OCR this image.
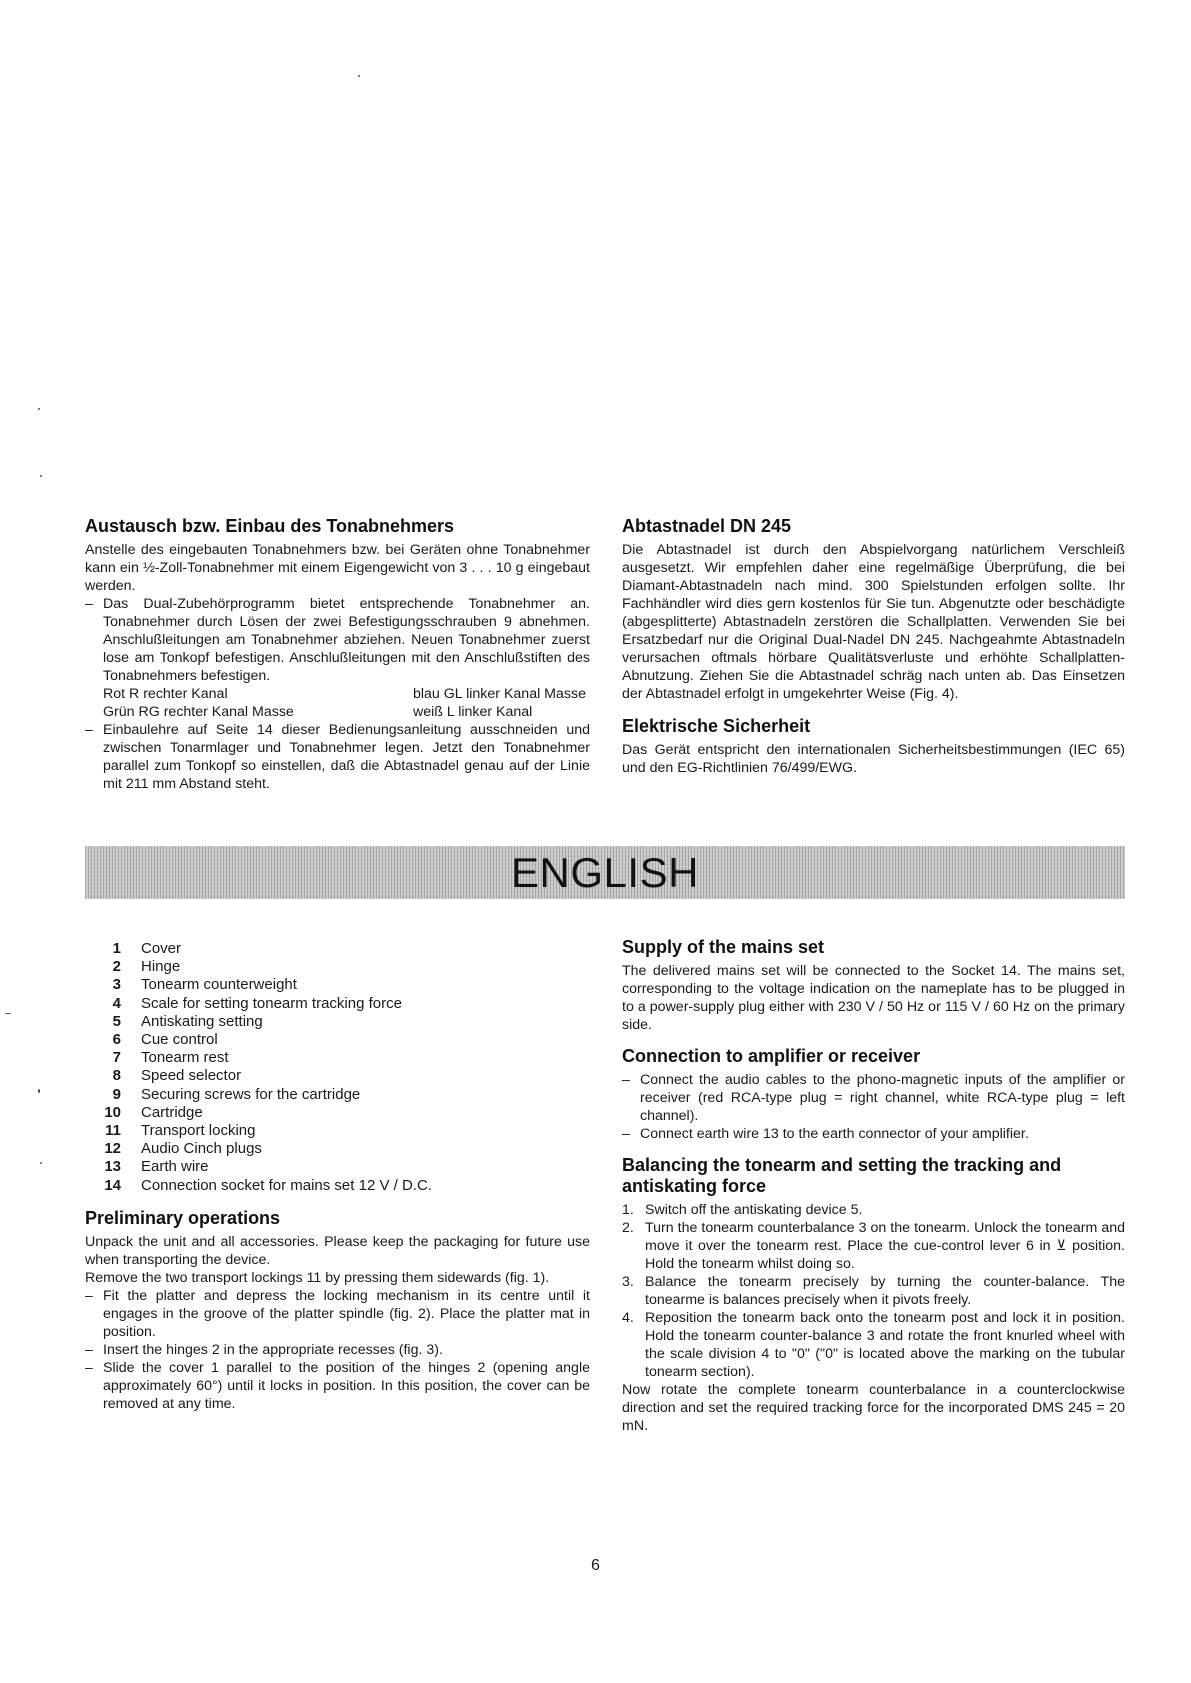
Austausch bzw. Einbau des Tonabnehmers

Anstelle des eingebauten Tonabnehmers bzw. bei Geräten ohne Tonabnehmer kann ein ½-Zoll-Tonabnehmer mit einem Eigengewicht von 3 . . . 10 g eingebaut werden.

– Das Dual-Zubehörprogramm bietet entsprechende Tonabnehmer an. Tonabnehmer durch Lösen der zwei Befestigungsschrauben 9 abnehmen. Anschlußleitungen am Tonabnehmer abziehen. Neuen Tonabnehmer zuerst lose am Tonkopf befestigen. Anschlußleitungen mit den Anschlußstiften des Tonabnehmers befestigen.
Rot R rechter Kanal	blau GL linker Kanal Masse
Grün RG rechter Kanal Masse	weiß L linker Kanal
– Einbaulehre auf Seite 14 dieser Bedienungsanleitung ausschneiden und zwischen Tonarmlager und Tonabnehmer legen. Jetzt den Tonabnehmer parallel zum Tonkopf so einstellen, daß die Abtastnadel genau auf der Linie mit 211 mm Abstand steht.
Abtastnadel DN 245

Die Abtastnadel ist durch den Abspielvorgang natürlichem Verschleiß ausgesetzt. Wir empfehlen daher eine regelmäßige Überprüfung, die bei Diamant-Abtastnadeln nach mind. 300 Spielstunden erfolgen sollte. Ihr Fachhändler wird dies gern kostenlos für Sie tun. Abgenutzte oder beschädigte (abgesplitterte) Abtastnadeln zerstören die Schallplatten. Verwenden Sie bei Ersatzbedarf nur die Original Dual-Nadel DN 245. Nachgeahmte Abtastnadeln verursachen oftmals hörbare Qualitätsverluste und erhöhte Schallplatten-Abnutzung. Ziehen Sie die Abtastnadel schräg nach unten ab. Das Einsetzen der Abtastnadel erfolgt in umgekehrter Weise (Fig. 4).

Elektrische Sicherheit

Das Gerät entspricht den internationalen Sicherheitsbestimmungen (IEC 65) und den EG-Richtlinien 76/499/EWG.

ENGLISH
1	Cover
2	Hinge
3	Tonearm counterweight
4	Scale for setting tonearm tracking force
5	Antiskating setting
6	Cue control
7	Tonearm rest
8	Speed selector
9	Securing screws for the cartridge
10	Cartridge
11	Transport locking
12	Audio Cinch plugs
13	Earth wire
14	Connection socket for mains set 12 V / D.C.
Preliminary operations

Unpack the unit and all accessories. Please keep the packaging for future use when transporting the device.

Remove the two transport lockings 11 by pressing them sidewards (fig. 1).

– Fit the platter and depress the locking mechanism in its centre until it engages in the groove of the platter spindle (fig. 2). Place the platter mat in position.
– Insert the hinges 2 in the appropriate recesses (fig. 3).
– Slide the cover 1 parallel to the position of the hinges 2 (opening angle approximately 60°) until it locks in position. In this position, the cover can be removed at any time.
Supply of the mains set

The delivered mains set will be connected to the Socket 14. The mains set, corresponding to the voltage indication on the nameplate has to be plugged in to a power-supply plug either with 230 V / 50 Hz or 115 V / 60 Hz on the primary side.

Connection to amplifier or receiver
– Connect the audio cables to the phono-magnetic inputs of the amplifier or receiver (red RCA-type plug = right channel, white RCA-type plug = left channel).
– Connect earth wire 13 to the earth connector of your amplifier.
Balancing the tonearm and setting the tracking and antiskating force
1. Switch off the antiskating device 5.
2. Turn the tonearm counterbalance 3 on the tonearm. Unlock the tonearm and move it over the tonearm rest. Place the cue-control lever 6 in ⊻ position. Hold the tonearm whilst doing so.
3. Balance the tonearm precisely by turning the counter-balance. The tonearme is balances precisely when it pivots freely.
4. Reposition the tonearm back onto the tonearm post and lock it in position. Hold the tonearm counter-balance 3 and rotate the front knurled wheel with the scale division 4 to "0" ("0" is located above the marking on the tubular tonearm section).

Now rotate the complete tonearm counterbalance in a counterclockwise direction and set the required tracking force for the incorporated DMS 245 = 20 mN.

6
